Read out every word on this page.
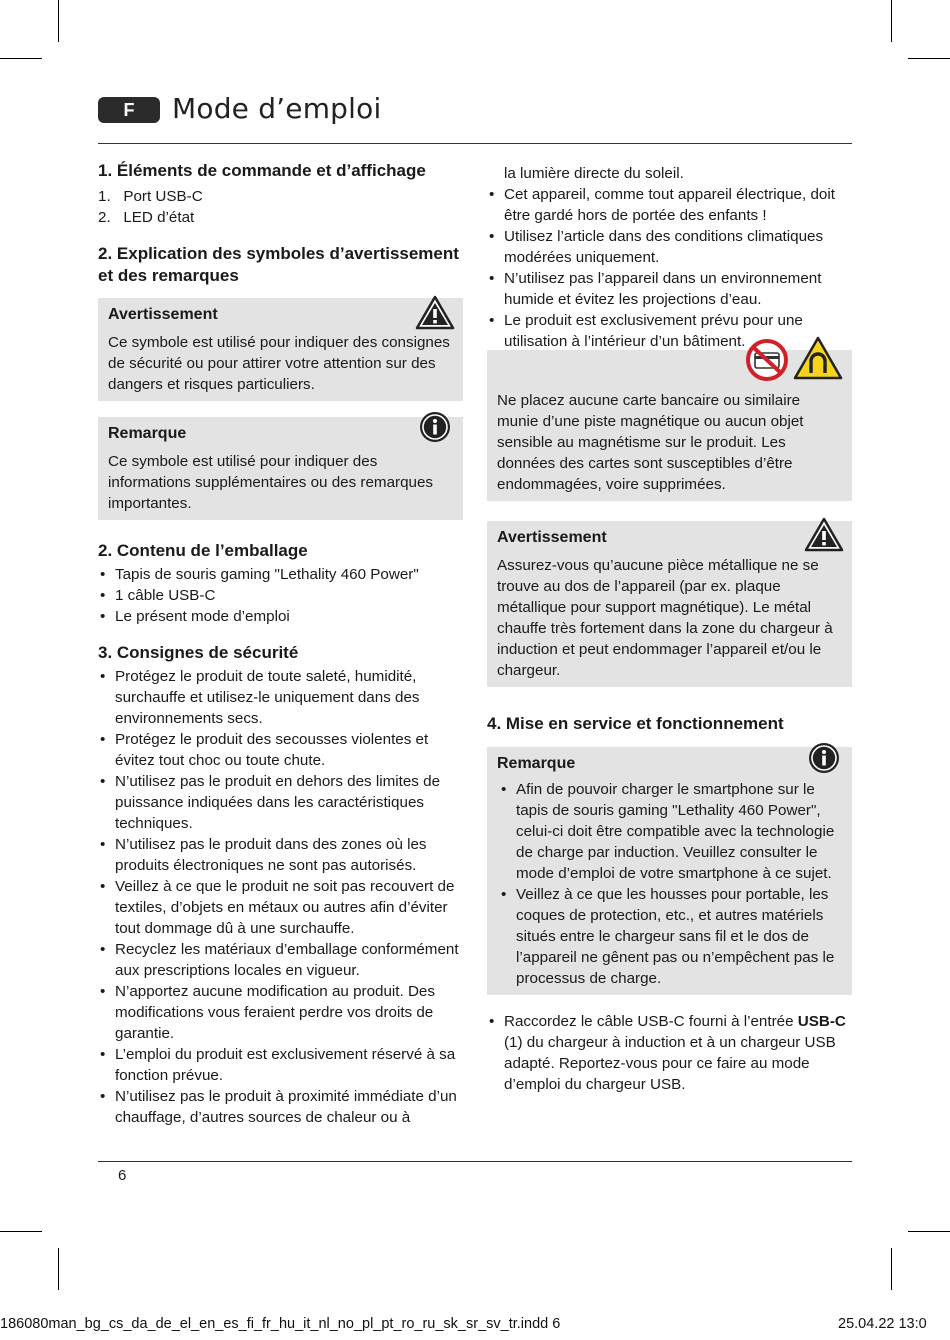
F	Mode d’emploi
1. Éléments de commande et d’affichage
1. Port USB-C
2. LED d’état
2. Explication des symboles d’avertissement et des remarques
Avertissement
Ce symbole est utilisé pour indiquer des consignes de sécurité ou pour attirer votre attention sur des dangers et risques particuliers.
Remarque
Ce symbole est utilisé pour indiquer des informations supplémentaires ou des remarques importantes.
2. Contenu de l’emballage
• Tapis de souris gaming "Lethality 460 Power"
• 1 câble USB-C
• Le présent mode d’emploi
3. Consignes de sécurité
• Protégez le produit de toute saleté, humidité, surchauffe et utilisez-le uniquement dans des environnements secs.
• Protégez le produit des secousses violentes et évitez tout choc ou toute chute.
• N’utilisez pas le produit en dehors des limites de puissance indiquées dans les caractéristiques techniques.
• N’utilisez pas le produit dans des zones où les produits électroniques ne sont pas autorisés.
• Veillez à ce que le produit ne soit pas recouvert de textiles, d’objets en métaux ou autres afin d’éviter tout dommage dû à une surchauffe.
• Recyclez les matériaux d’emballage conformément aux prescriptions locales en vigueur.
• N’apportez aucune modification au produit. Des modifications vous feraient perdre vos droits de garantie.
• L’emploi du produit est exclusivement réservé à sa fonction prévue.
• N’utilisez pas le produit à proximité immédiate d’un chauffage, d’autres sources de chaleur ou à
la lumière directe du soleil.
• Cet appareil, comme tout appareil électrique, doit être gardé hors de portée des enfants !
• Utilisez l’article dans des conditions climatiques modérées uniquement.
• N’utilisez pas l’appareil dans un environnement humide et évitez les projections d’eau.
• Le produit est exclusivement prévu pour une utilisation à l’intérieur d’un bâtiment.
Ne placez aucune carte bancaire ou similaire munie d’une piste magnétique ou aucun objet sensible au magnétisme sur le produit. Les données des cartes sont susceptibles d’être endommagées, voire supprimées.
Avertissement
Assurez-vous qu’aucune pièce métallique ne se trouve au dos de l’appareil (par ex. plaque métallique pour support magnétique). Le métal chauffe très fortement dans la zone du chargeur à induction et peut endommager l’appareil et/ou le chargeur.
4. Mise en service et fonctionnement
Remarque
• Afin de pouvoir charger le smartphone sur le tapis de souris gaming "Lethality 460 Power", celui-ci doit être compatible avec la technologie de charge par induction. Veuillez consulter le mode d’emploi de votre smartphone à ce sujet.
• Veillez à ce que les housses pour portable, les coques de protection, etc., et autres matériels situés entre le chargeur sans fil et le dos de l’appareil ne gênent pas ou n’empêchent pas le processus de charge.
• Raccordez le câble USB-C fourni à l’entrée USB-C (1) du chargeur à induction et à un chargeur USB adapté. Reportez-vous pour ce faire au mode d’emploi du chargeur USB.
6
186080man_bg_cs_da_de_el_en_es_fi_fr_hu_it_nl_no_pl_pt_ro_ru_sk_sr_sv_tr.indd 6	25.04.22 13:0
